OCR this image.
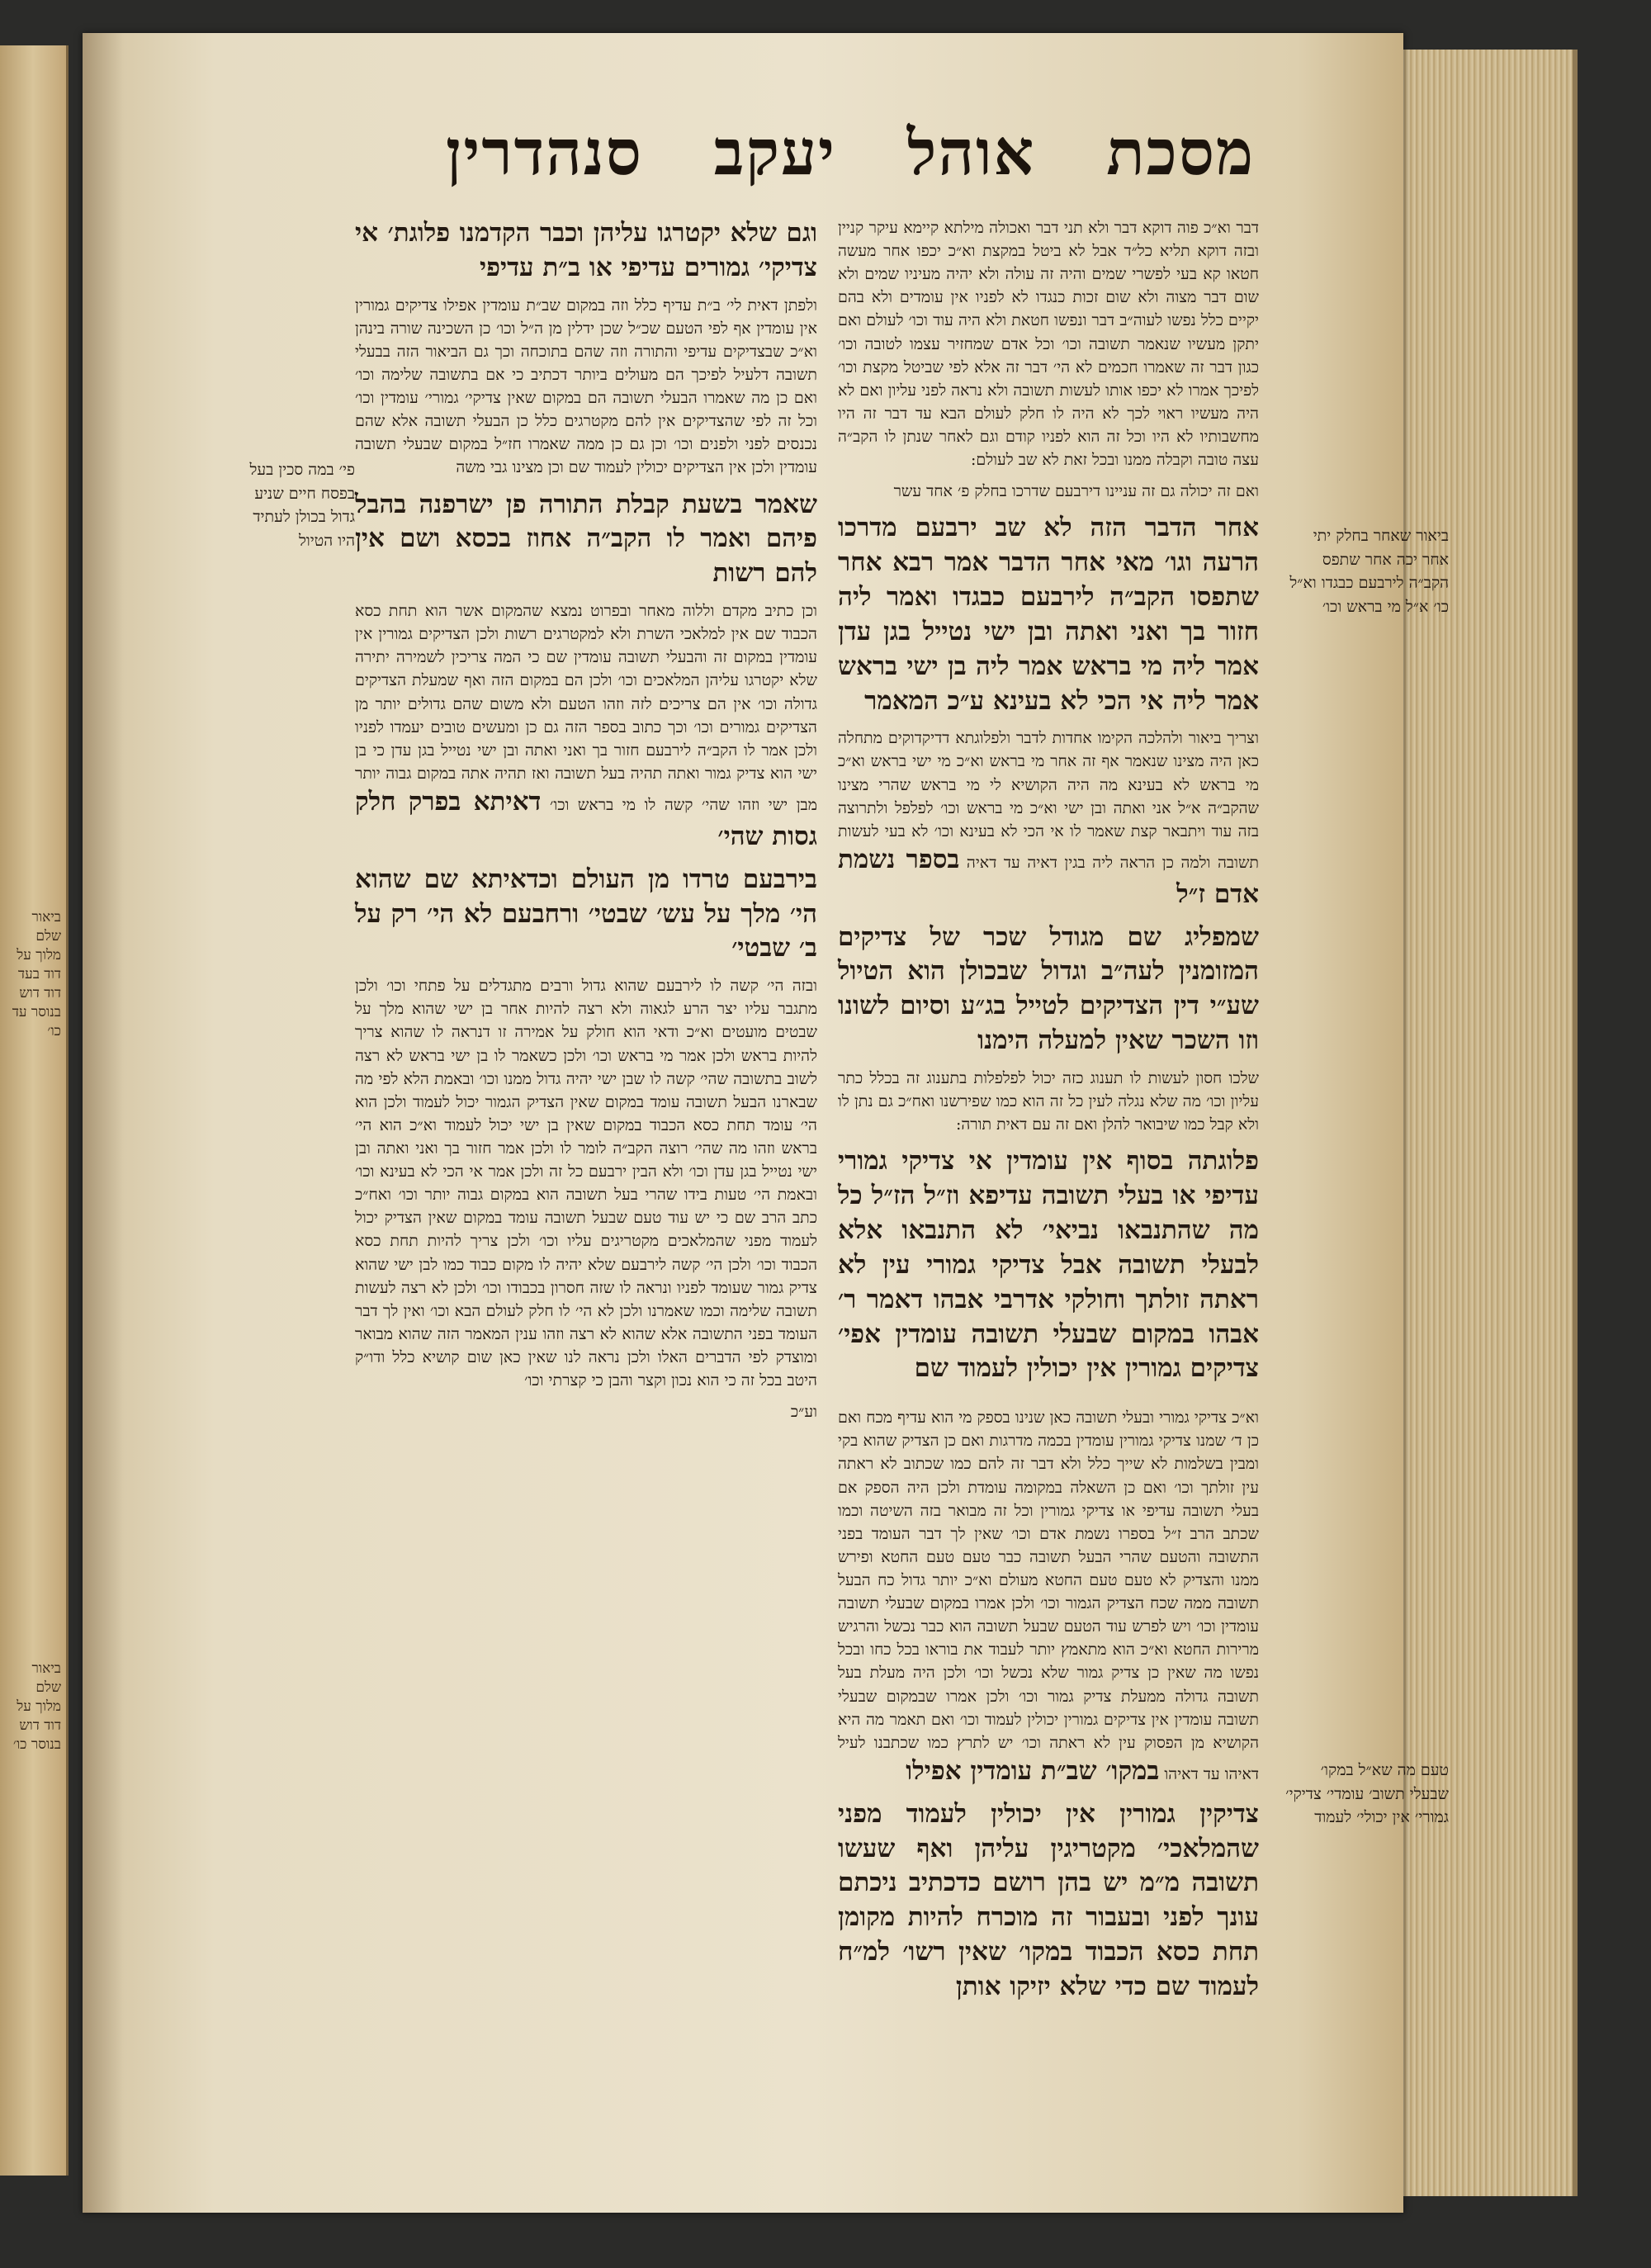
ביאור שלם מלוך על דוד בעד דוד דוש בנוסר עד כו׳
ביאור שלם מלוך על דוד דוש בנוסר כו׳
מסכת
אוהל
יעקב
סנהדרין
דבר וא״כ פוה דוקא דבר ולא תני דבר ואכולה מילתא קיימא עיקר קניין ובזה דוקא תליא כל״ד אבל לא ביטל במקצת וא״כ יכפו אחר מעשה חטאו קא בעי לפשרי שמים והיה זה עולה ולא יהיה מעיניו שמים ולא שום דבר מצוה ולא שום זכות כנגדו לא לפניו אין עומדים ולא בהם יקיים כלל נפשו לעוה״ב דבר ונפשו חטאת ולא היה עוד וכו׳ לעולם ואם יתקן מעשיו שנאמר תשובה וכו׳ וכל אדם שמחזיר עצמו לטובה וכו׳ כגון דבר זה שאמרו חכמים לא הי׳ דבר זה אלא לפי שביטל מקצת וכו׳ לפיכך אמרו לא יכפו אותו לעשות תשובה ולא נראה לפני עליון ואם לא היה מעשיו ראוי לכך לא היה לו חלק לעולם הבא עד דבר זה היו מחשבותיו לא היו וכל זה הוא לפניו קודם וגם לאחר שנתן לו הקב״ה עצה טובה וקבלה ממנו ובכל זאת לא שב לעולם:
ואם זה יכולה גם זה עניינו דירבעם שדרכו בחלק פ׳ אחד עשר
אחר הדבר הזה לא שב ירבעם מדרכו הרעה וגו׳ מאי אחר הדבר אמר רבא אחר שתפסו הקב״ה לירבעם כבגדו ואמר ליה חזור בך ואני ואתה ובן ישי נטייל בגן עדן אמר ליה מי בראש אמר ליה בן ישי בראש אמר ליה אי הכי לא בעינא ע״כ המאמר
וצריך ביאור ולהלכה הקימו אחדות לדבר ולפלוגתא דדיקדוקים מתחלה כאן היה מצינו שנאמר אף זה אחר מי בראש וא״כ מי ישי בראש וא״כ מי בראש לא בעינא מה היה הקושיא לי מי בראש שהרי מצינו שהקב״ה א״ל אני ואתה ובן ישי וא״כ מי בראש וכו׳ לפלפל ולתרוצה בזה עוד ויתבאר קצת שאמר לו אי הכי לא בעינא וכו׳ לא בעי לעשות תשובה ולמה כן הראה ליה בגין דאיה עד דאיה בספר נשמת אדם ז״ל
שמפליג שם מגודל שכר של צדיקים המזומנין לעה״ב וגדול שבכולן הוא הטיול שע״י דין הצדיקים לטייל בג״ע וסיום לשונו וזו השכר שאין למעלה הימנו
שלכו חסון לעשות לו תענוג כזה יכול לפלפלות בתענוג זה בכלל כתר עליון וכו׳ מה שלא נגלה לעין כל זה הוא כמו שפירשנו ואח״כ גם נתן לו ולא קבל כמו שיבואר להלן ואם זה עם דאית תורה:
פלוגתה בסוף אין עומדין אי צדיקי גמורי עדיפי או בעלי תשובה עדיפא וז״ל הז״ל כל מה שהתנבאו נביאי׳ לא התנבאו אלא לבעלי תשובה אבל צדיקי גמורי עין לא ראתה זולתך וחולקי אדרבי אבהו דאמר ר׳ אבהו במקום שבעלי תשובה עומדין אפי׳ צדיקים גמורין אין יכולין לעמוד שם
וא״כ צדיקי גמורי ובעלי תשובה כאן שנינו בספק מי הוא עדיף מכח ואם כן ד׳ שמנו צדיקי גמורין עומדין בכמה מדרגות ואם כן הצדיק שהוא בקי ומבין בשלמות לא שייך כלל ולא דבר זה להם כמו שכתוב לא ראתה עין זולתך וכו׳ ואם כן השאלה במקומה עומדת ולכן היה הספק אם בעלי תשובה עדיפי או צדיקי גמורין וכל זה מבואר בזה השיטה וכמו שכתב הרב ז״ל בספרו נשמת אדם וכו׳ שאין לך דבר העומד בפני התשובה והטעם שהרי הבעל תשובה כבר טעם טעם החטא ופירש ממנו והצדיק לא טעם טעם החטא מעולם וא״כ יותר גדול כח הבעל תשובה ממה שכח הצדיק הגמור וכו׳ ולכן אמרו במקום שבעלי תשובה עומדין וכו׳ ויש לפרש עוד הטעם שבעל תשובה הוא כבר נכשל והרגיש מרירות החטא וא״כ הוא מתאמץ יותר לעבוד את בוראו בכל כחו ובכל נפשו מה שאין כן צדיק גמור שלא נכשל וכו׳ ולכן היה מעלת בעל תשובה גדולה ממעלת צדיק גמור וכו׳ ולכן אמרו שבמקום שבעלי תשובה עומדין אין צדיקים גמורין יכולין לעמוד וכו׳ ואם תאמר מה היא הקושיא מן הפסוק עין לא ראתה וכו׳ יש לתרץ כמו שכתבנו לעיל דאיהו עד דאיהו במקו׳ שב״ת עומדין אפילו
צדיקין גמורין אין יכולין לעמוד מפני שהמלאכי׳ מקטריגין עליהן ואף שעשו תשובה מ״מ יש בהן רושם כדכתיב ניכתם עונך לפני ובעבור זה מוכרח להיות מקומן תחת כסא הכבוד במקו׳ שאין רשו׳ למ״ח לעמוד שם כדי שלא יזיקו אותן
וגם שלא יקטרגו עליהן וכבר הקדמנו פלוגת׳ אי צדיקי׳ גמורים עדיפי או ב״ת עדיפי
ולפתן דאית לי׳ ב״ת עדיף כלל וזה במקום שב״ת עומדין אפילו צדיקים גמורין אין עומדין אף לפי הטעם שכ״ל שכן ידלין מן ה״ל וכו׳ כן השכינה שורה בינהן וא״כ שבצדיקים עדיפי והתורה וזה שהם בתוכחה וכך גם הביאור הזה בבעלי תשובה דלעיל לפיכך הם מעולים ביותר דכתיב כי אם בתשובה שלימה וכו׳ ואם כן מה שאמרו הבעלי תשובה הם במקום שאין צדיקי׳ גמורי׳ עומדין וכו׳ וכל זה לפי שהצדיקים אין להם מקטרגים כלל כן הבעלי תשובה אלא שהם נכנסים לפני ולפנים וכו׳ וכן גם כן ממה שאמרו חז״ל במקום שבעלי תשובה עומדין ולכן אין הצדיקים יכולין לעמוד שם וכן מצינו גבי משה
שאמר בשעת קבלת התורה פן ישרפנה בהבל פיהם ואמר לו הקב״ה אחוז בכסא ושם אין להם רשות
וכן כתיב מקדם וללוה מאחר ובפרוט נמצא שהמקום אשר הוא תחת כסא הכבוד שם אין למלאכי השרת ולא למקטרגים רשות ולכן הצדיקים גמורין אין עומדין במקום זה והבעלי תשובה עומדין שם כי המה צריכין לשמירה יתירה שלא יקטרגו עליהן המלאכים וכו׳ ולכן הם במקום הזה ואף שמעלת הצדיקים גדולה וכו׳ אין הם צריכים לזה וזהו הטעם ולא משום שהם גדולים יותר מן הצדיקים גמורים וכו׳ וכך כתוב בספר הזה גם כן ומעשים טובים יעמדו לפניו ולכן אמר לו הקב״ה לירבעם חזור בך ואני ואתה ובן ישי נטייל בגן עדן כי בן ישי הוא צדיק גמור ואתה תהיה בעל תשובה ואז תהיה אתה במקום גבוה יותר מבן ישי וזהו שהי׳ קשה לו מי בראש וכו׳ דאיתא בפרק חלק גסות שהי׳
בירבעם טרדו מן העולם וכדאיתא שם שהוא הי׳ מלך על עש׳ שבטי׳ ורחבעם לא הי׳ רק על ב׳ שבטי׳
ובזה הי׳ קשה לו לירבעם שהוא גדול ורבים מתגדלים על פתחי וכו׳ ולכן מתגבר עליו יצר הרע לגאוה ולא רצה להיות אחר בן ישי שהוא מלך על שבטים מועטים וא״כ ודאי הוא חולק על אמירה זו דנראה לו שהוא צריך להיות בראש ולכן אמר מי בראש וכו׳ ולכן כשאמר לו בן ישי בראש לא רצה לשוב בתשובה שהי׳ קשה לו שבן ישי יהיה גדול ממנו וכו׳ ובאמת הלא לפי מה שבארנו הבעל תשובה עומד במקום שאין הצדיק הגמור יכול לעמוד ולכן הוא הי׳ עומד תחת כסא הכבוד במקום שאין בן ישי יכול לעמוד וא״כ הוא הי׳ בראש וזהו מה שהי׳ רוצה הקב״ה לומר לו ולכן אמר חזור בך ואני ואתה ובן ישי נטייל בגן עדן וכו׳ ולא הבין ירבעם כל זה ולכן אמר אי הכי לא בעינא וכו׳ ובאמת הי׳ טעות בידו שהרי בעל תשובה הוא במקום גבוה יותר וכו׳ ואח״כ כתב הרב שם כי יש עוד טעם שבעל תשובה עומד במקום שאין הצדיק יכול לעמוד מפני שהמלאכים מקטריגים עליו וכו׳ ולכן צריך להיות תחת כסא הכבוד וכו׳ ולכן הי׳ קשה לירבעם שלא יהיה לו מקום כבוד כמו לבן ישי שהוא צדיק גמור שעומד לפניו ונראה לו שזה חסרון בכבודו וכו׳ ולכן לא רצה לעשות תשובה שלימה וכמו שאמרנו ולכן לא הי׳ לו חלק לעולם הבא וכו׳ ואין לך דבר העומד בפני התשובה אלא שהוא לא רצה וזהו ענין המאמר הזה שהוא מבואר ומוצדק לפי הדברים האלו ולכן נראה לנו שאין כאן שום קושיא כלל ודו״ק היטב בכל זה כי הוא נכון וקצר והבן כי קצרתי וכו׳
וע״כ
ביאור שאחר בחלק יתי אחר יכה אחר שתפס הקב״ה לירבעם כבגדו וא״ל כו׳ א״ל מי בראש וכו׳
טעם מה שא״ל במקו׳ שבעלי תשוב׳ עומדי׳ צדיקי׳ גמורי׳ אין יכולי׳ לעמוד
פי׳ במה סכין בעל בפסח חיים שניע גדול בכולן לעתיד היו הטיול
